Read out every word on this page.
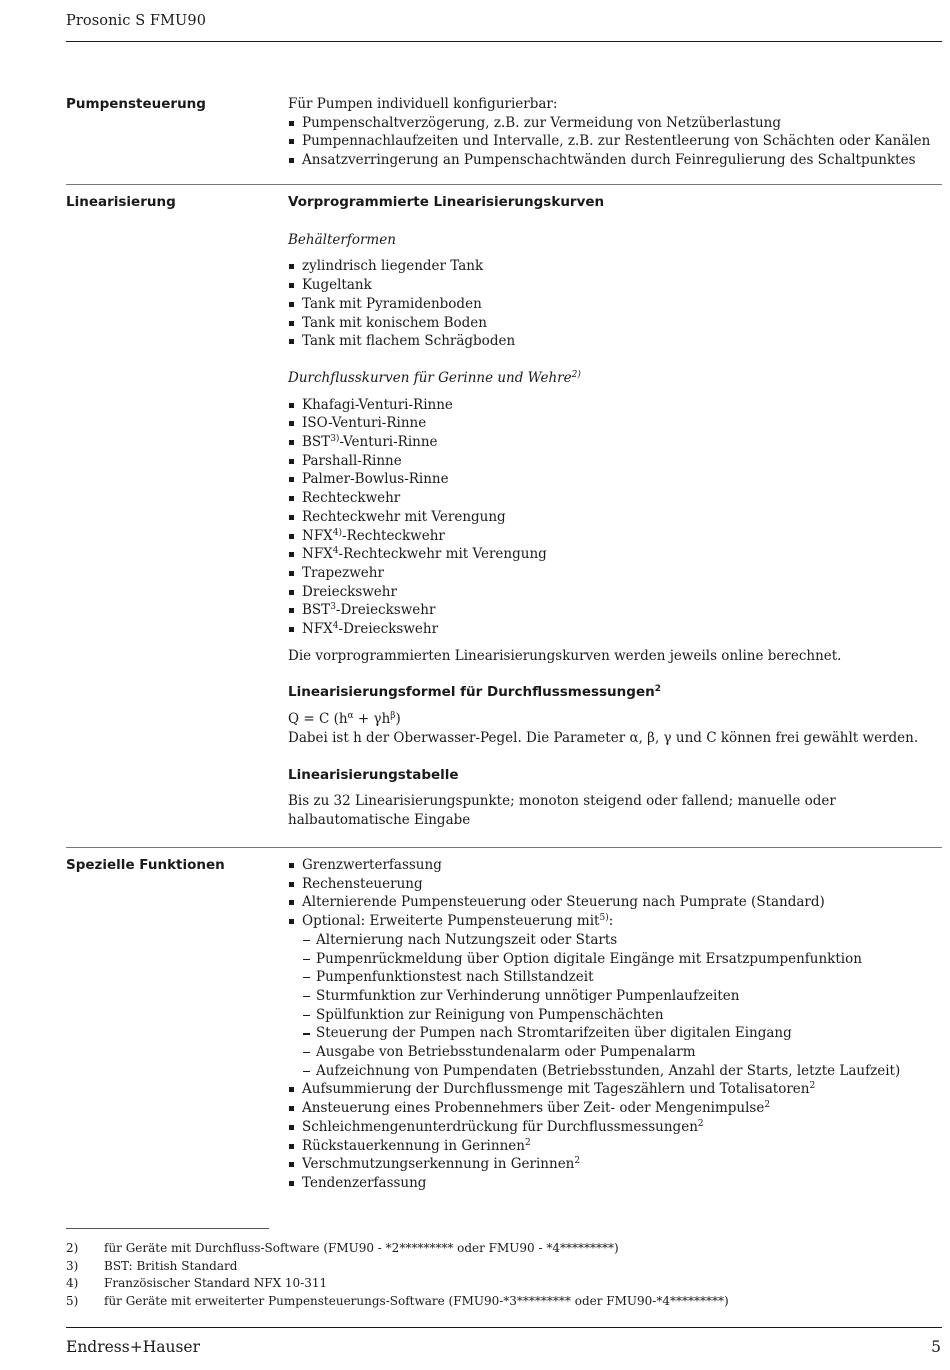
Prosonic S FMU90
Pumpensteuerung	Für Pumpen individuell konfigurierbar:

Pumpenschaltverzögerung, z.B. zur Vermeidung von Netzüberlastung
Pumpennachlaufzeiten und Intervalle, z.B. zur Restentleerung von Schächten oder Kanälen
Ansatzverringerung an Pumpenschachtwänden durch Feinregulierung des Schaltpunktes
Linearisierung	Vorprogrammierte Linearisierungskurven

Behälterformen

zylindrisch liegender Tank
Kugeltank
Tank mit Pyramidenboden
Tank mit konischem Boden
Tank mit flachem Schrägboden

Durchflusskurven für Gerinne und Wehre$^{2)}$

Khafagi-Venturi-Rinne
ISO-Venturi-Rinne
BST$^{3)}$-Venturi-Rinne
Parshall-Rinne
Palmer-Bowlus-Rinne
Rechteckwehr
Rechteckwehr mit Verengung
NFX$^{4)}$-Rechteckwehr
NFX$^4$-Rechteckwehr mit Verengung
Trapezwehr
Dreieckswehr
BST$^3$-Dreieckswehr
NFX$^4$-Dreieckswehr

Die vorprogrammierten Linearisierungskurven werden jeweils online berechnet.

Linearisierungsformel für Durchflussmessungen$^2$

Q = C $(h^\alpha + \gamma h^\beta)$

Dabei ist h der Oberwasser-Pegel. Die Parameter α, β, γ und C können frei gewählt werden.

Linearisierungstabelle

Bis zu 32 Linearisierungspunkte; monoton steigend oder fallend; manuelle oder halbautomatische Eingabe

Spezielle Funktionen	Grenzwerterfassung
Rechensteuerung
Alternierende Pumpensteuerung oder Steuerung nach Pumprate (Standard)
Optional: Erweiterte Pumpensteuerung mit$^{5)}$:
Alternierung nach Nutzungszeit oder Starts
Pumpenrückmeldung über Option digitale Eingänge mit Ersatzpumpenfunktion
Pumpenfunktionstest nach Stillstandzeit
Sturmfunktion zur Verhinderung unnötiger Pumpenlaufzeiten
Spülfunktion zur Reinigung von Pumpenschächten
Steuerung der Pumpen nach Stromtarifzeiten über digitalen Eingang
Ausgabe von Betriebsstundenalarm oder Pumpenalarm
Aufzeichnung von Pumpendaten (Betriebsstunden, Anzahl der Starts, letzte Laufzeit)
Aufsummierung der Durchflussmenge mit Tageszählern und Totalisatoren$^2$
Ansteuerung eines Probennehmers über Zeit- oder Mengenimpulse$^2$
Schleichmengenunterdrückung für Durchflussmessungen$^2$
Rückstauerkennung in Gerinnen$^2$
Verschmutzungserkennung in Gerinnen$^2$
Tendenzerfassung
2)	für Geräte mit Durchfluss-Software (FMU90 - *2********* oder FMU90 - *4*********)
3)	BST: British Standard
4)	Französischer Standard NFX 10-311
5)	für Geräte mit erweiterter Pumpensteuerungs-Software (FMU90-*3********* oder FMU90-*4*********)
Endress+Hauser	5
